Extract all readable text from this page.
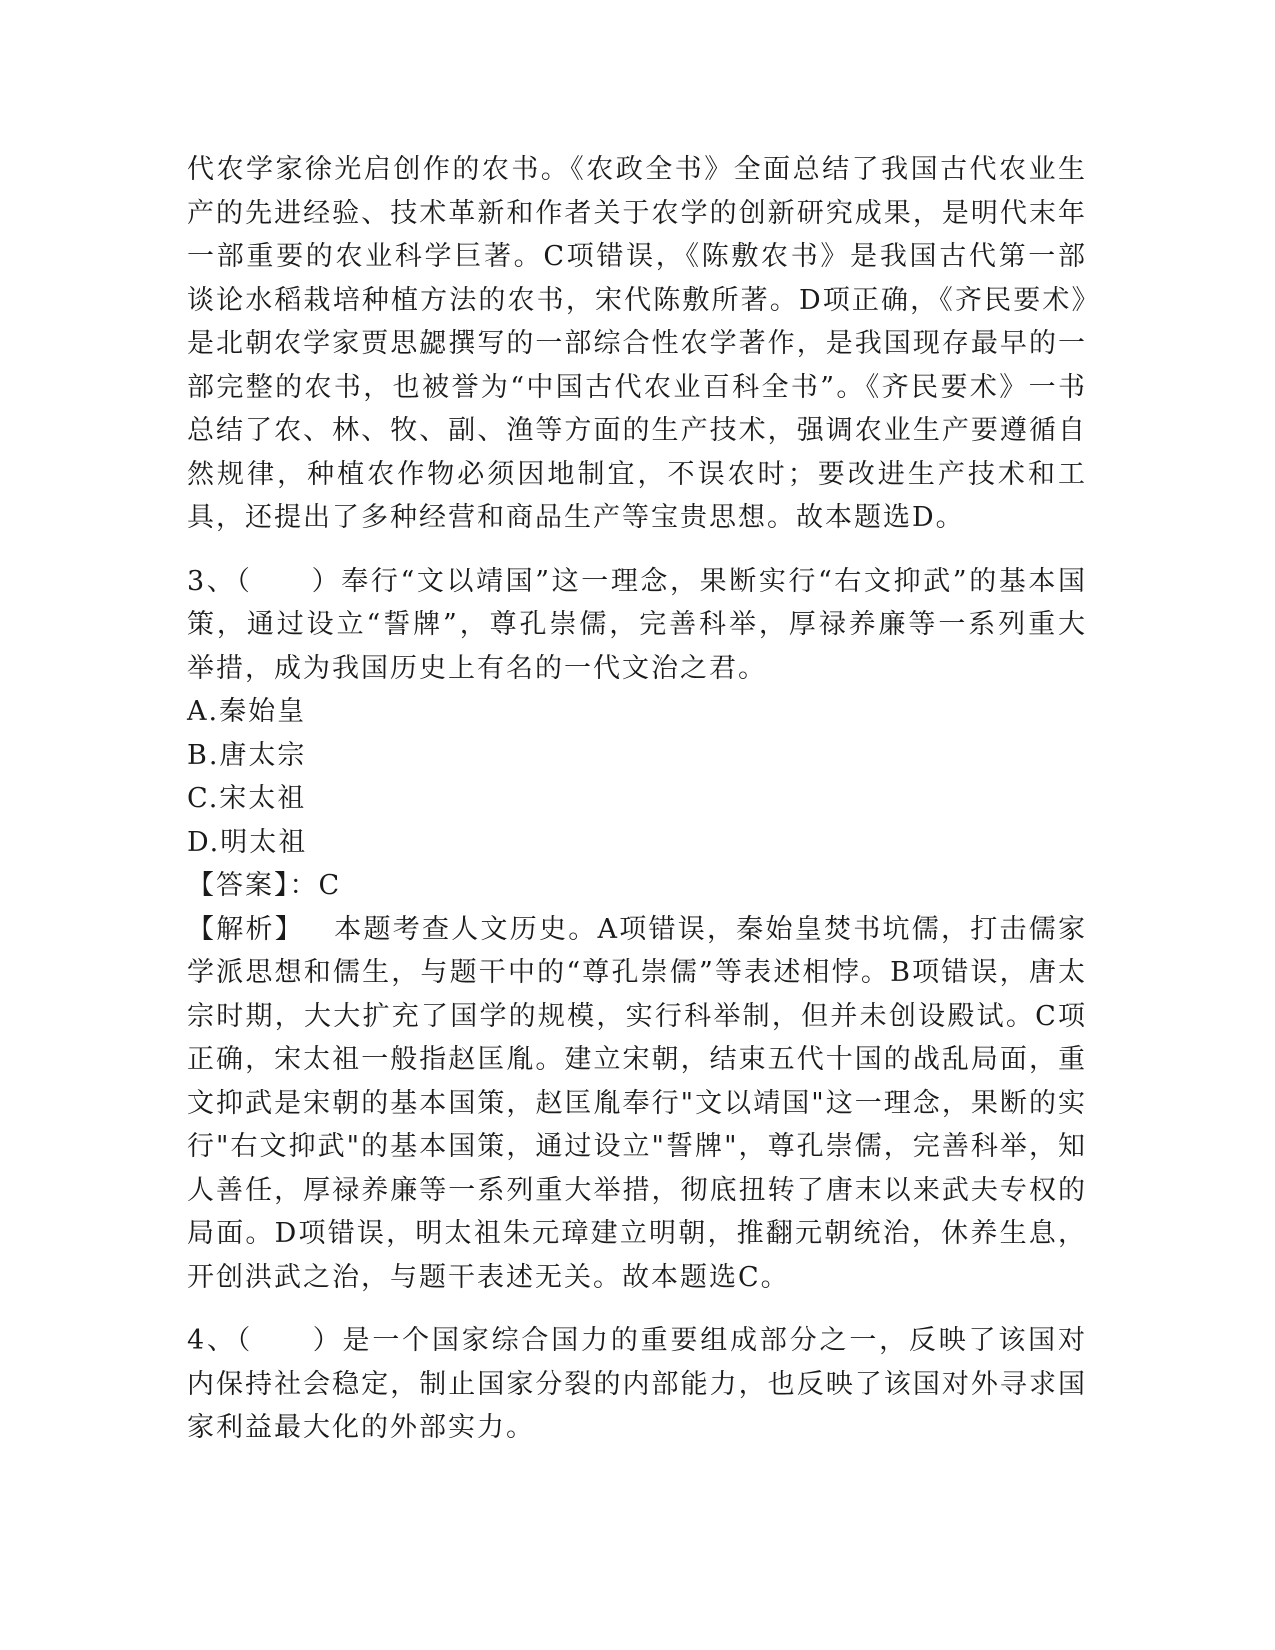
代农学家徐光启创作的农书。《农政全书》全面总结了我国古代农业生产的先进经验、技术革新和作者关于农学的创新研究成果，是明代末年一部重要的农业科学巨著。C项错误，《陈敷农书》是我国古代第一部谈论水稻栽培种植方法的农书，宋代陈敷所著。D项正确，《齐民要术》是北朝农学家贾思勰撰写的一部综合性农学著作，是我国现存最早的一部完整的农书，也被誉为“中国古代农业百科全书”。《齐民要术》一书总结了农、林、牧、副、渔等方面的生产技术，强调农业生产要遵循自然规律，种植农作物必须因地制宜，不误农时；要改进生产技术和工具，还提出了多种经营和商品生产等宝贵思想。故本题选D。

3、（　　）奉行“文以靖国”这一理念，果断实行“右文抑武”的基本国策，通过设立“誓牌”，尊孔崇儒，完善科举，厚禄养廉等一系列重大举措，成为我国历史上有名的一代文治之君。

A.秦始皇

B.唐太宗

C.宋太祖

D.明太祖

【答案】：C

【解析】 本题考查人文历史。A项错误，秦始皇焚书坑儒，打击儒家学派思想和儒生，与题干中的“尊孔崇儒”等表述相悖。B项错误，唐太宗时期，大大扩充了国学的规模，实行科举制，但并未创设殿试。C项正确，宋太祖一般指赵匡胤。建立宋朝，结束五代十国的战乱局面，重文抑武是宋朝的基本国策，赵匡胤奉行"文以靖国"这一理念，果断的实行"右文抑武"的基本国策，通过设立"誓牌"，尊孔崇儒，完善科举，知人善任，厚禄养廉等一系列重大举措，彻底扭转了唐末以来武夫专权的局面。D项错误，明太祖朱元璋建立明朝，推翻元朝统治，休养生息，开创洪武之治，与题干表述无关。故本题选C。

4、（　　）是一个国家综合国力的重要组成部分之一，反映了该国对内保持社会稳定，制止国家分裂的内部能力，也反映了该国对外寻求国家利益最大化的外部实力。
